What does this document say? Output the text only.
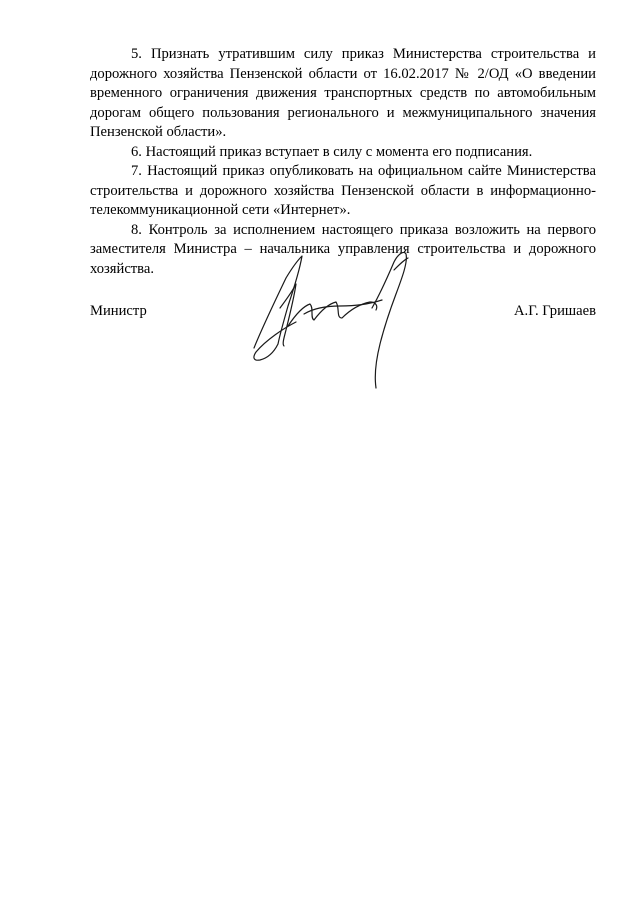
5. Признать утратившим силу приказ Министерства строительства и дорожного хозяйства Пензенской области от 16.02.2017 № 2/ОД «О введении временного ограничения движения транспортных средств по автомобильным дорогам общего пользования регионального и межмуниципального значения Пензенской области».

6. Настоящий приказ вступает в силу с момента его подписания.

7. Настоящий приказ опубликовать на официальном сайте Министерства строительства и дорожного хозяйства Пензенской области в информационно-телекоммуникационной сети «Интернет».

8. Контроль за исполнением настоящего приказа возложить на первого заместителя Министра – начальника управления строительства и дорожного хозяйства.

Министр	А.Г. Гришаев
